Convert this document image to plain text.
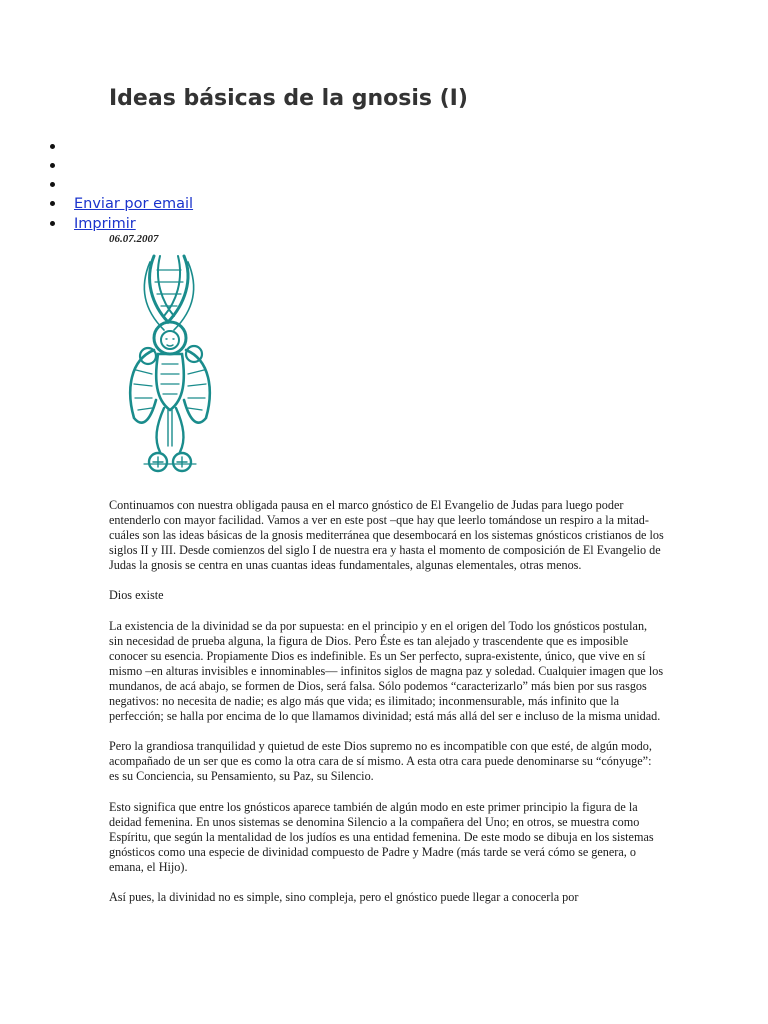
Ideas básicas de la gnosis (I)
Enviar por email
Imprimir
06.07.2007

Continuamos con nuestra obligada pausa en el marco gnóstico de El Evangelio de Judas para luego poder entenderlo con mayor facilidad. Vamos a ver en este post –que hay que leerlo tomándose un respiro a la mitad- cuáles son las ideas básicas de la gnosis mediterránea que desembocará en los sistemas gnósticos cristianos de los siglos II y III. Desde comienzos del siglo I de nuestra era y hasta el momento de composición de El Evangelio de Judas la gnosis se centra en unas cuantas ideas fundamentales, algunas elementales, otras menos.

Dios existe

La existencia de la divinidad se da por supuesta: en el principio y en el origen del Todo los gnósticos postulan, sin necesidad de prueba alguna, la figura de Dios. Pero Éste es tan alejado y trascendente que es imposible conocer su esencia. Propiamente Dios es indefinible. Es un Ser perfecto, supra-existente, único, que vive en sí mismo –en alturas invisibles e innominables— infinitos siglos de magna paz y soledad. Cualquier imagen que los mundanos, de acá abajo, se formen de Dios, será falsa. Sólo podemos “caracterizarlo” más bien por sus rasgos negativos: no necesita de nadie; es algo más que vida; es ilimitado; inconmensurable, más infinito que la perfección; se halla por encima de lo que llamamos divinidad; está más allá del ser e incluso de la misma unidad.

Pero la grandiosa tranquilidad y quietud de este Dios supremo no es incompatible con que esté, de algún modo, acompañado de un ser que es como la otra cara de sí mismo. A esta otra cara puede denominarse su “cónyuge”: es su Conciencia, su Pensamiento, su Paz, su Silencio.

Esto significa que entre los gnósticos aparece también de algún modo en este primer principio la figura de la deidad femenina. En unos sistemas se denomina Silencio a la compañera del Uno; en otros, se muestra como Espíritu, que según la mentalidad de los judíos es una entidad femenina. De este modo se dibuja en los sistemas gnósticos como una especie de divinidad compuesto de Padre y Madre (más tarde se verá cómo se genera, o emana, el Hijo).

Así pues, la divinidad no es simple, sino compleja, pero el gnóstico puede llegar a conocerla por
